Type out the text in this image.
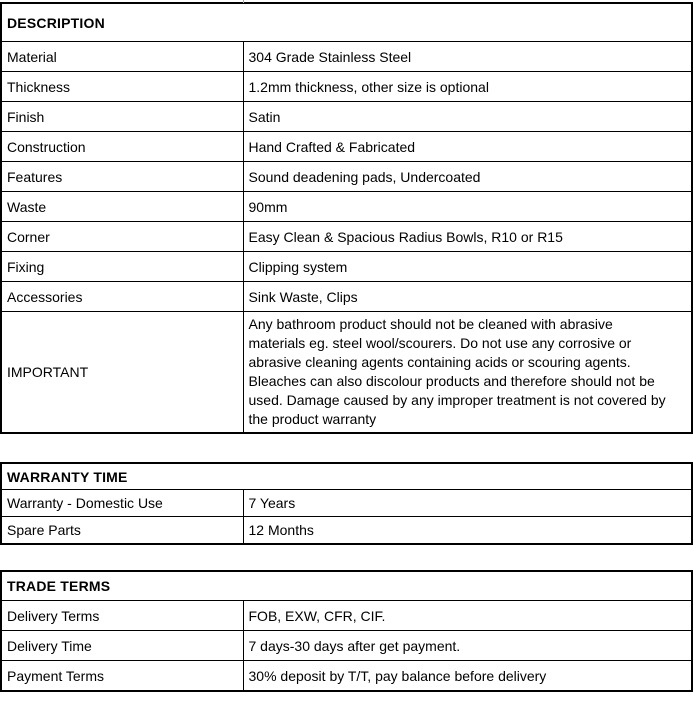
DESCRIPTION	
Material	304 Grade Stainless Steel
Thickness	1.2mm thickness, other size is optional
Finish	Satin
Construction	Hand Crafted & Fabricated
Features	Sound deadening pads, Undercoated
Waste	90mm
Corner	Easy Clean & Spacious Radius Bowls, R10 or R15
Fixing	Clipping system
Accessories	Sink Waste, Clips
IMPORTANT	Any bathroom product should not be cleaned with abrasive materials eg. steel wool/scourers. Do not use any corrosive or abrasive cleaning agents containing acids or scouring agents. Bleaches can also discolour products and therefore should not be used. Damage caused by any improper treatment is not covered by the product warranty
WARRANTY TIME	
Warranty - Domestic Use	7 Years
Spare Parts	12 Months
TRADE TERMS	
Delivery Terms	FOB, EXW, CFR, CIF.
Delivery Time	7 days-30 days after get payment.
Payment Terms	30% deposit by T/T, pay balance before delivery
